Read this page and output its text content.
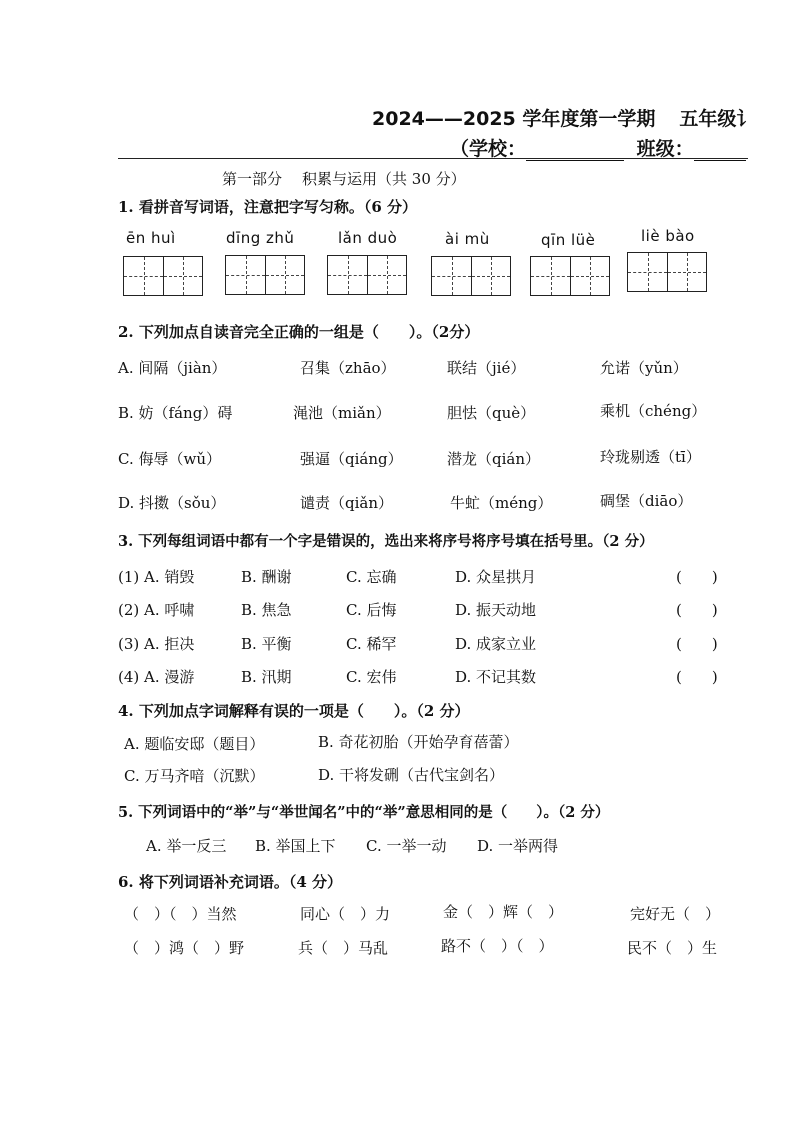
2024——2025 学年度第一学期 五年级讠
（学校：	班级：
第一部分 积累与运用（共 30 分）
1. 看拼音写词语，注意把字写匀称。（6 分）
ēn huì	dīng zhǔ	lǎn duò	ài mù	qīn lüè	liè bào
2. 下列加点自读音完全正确的一组是（　　）。（2分）
A. 间隔（jiàn）	召集（zhāo）	联结（jié）	允诺（yǔn）
B. 妨（fáng）碍	渑池（miǎn）	胆怯（què）	乘机（chéng）
C. 侮辱（wǔ）	强逼（qiáng）	潜龙（qián）	玲珑剔透（tī）
D. 抖擞（sǒu）	谴责（qiǎn）	牛虻（méng）	碉堡（diāo）
3. 下列每组词语中都有一个字是错误的，选出来将序号将序号填在括号里。（2 分）
(1) A. 销毁	B. 酬谢	C. 忘确	D. 众星拱月	(　　)
(2) A. 呼啸	B. 焦急	C. 后悔	D. 振天动地	(　　)
(3) A. 拒决	B. 平衡	C. 稀罕	D. 成家立业	(　　)
(4) A. 漫游	B. 汛期	C. 宏伟	D. 不记其数	(　　)
4. 下列加点字词解释有误的一项是（　　）。（2 分）
A. 题临安邸（题目）	B. 奇花初胎（开始孕育蓓蕾）
C. 万马齐喑（沉默）	D. 干将发硎（古代宝剑名）
5. 下列词语中的“举”与“举世闻名”中的“举”意思相同的是（　　）。（2 分）
A. 举一反三 B. 举国上下 C. 一举一动 D. 一举两得
6. 将下列词语补充词语。（4 分）
（　）（　）当然	同心（　）力	金（　）辉（　）	完好无（　）
（　）鸿（　）野	兵（　）马乱	路不（　）（　）	民不（　）生
